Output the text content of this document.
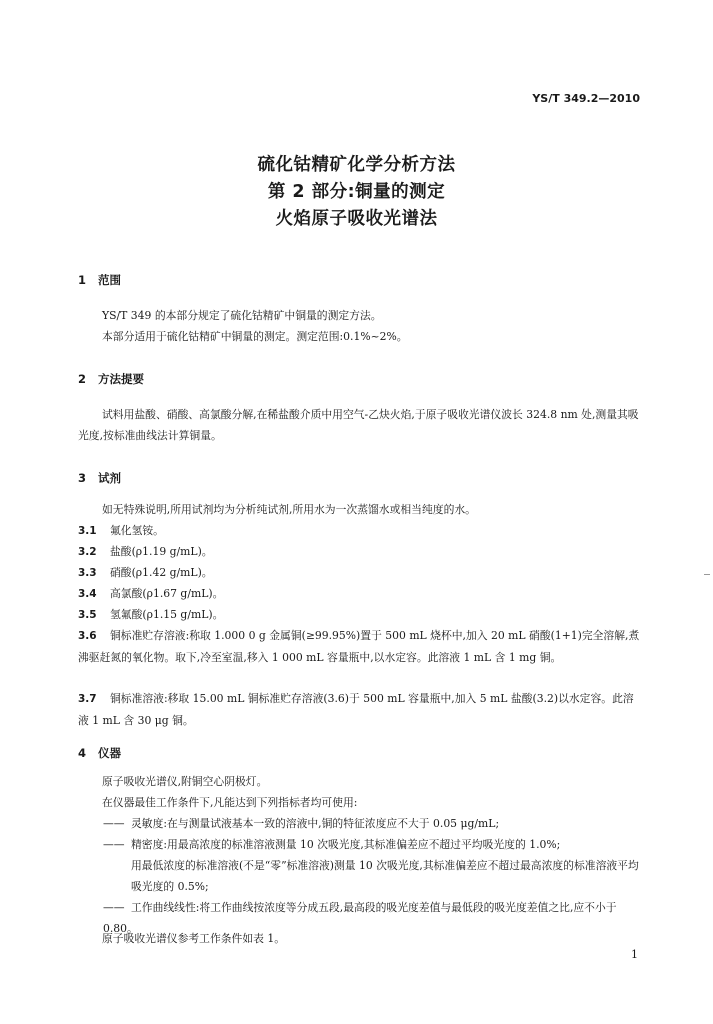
YS/T 349.2—2010
硫化钴精矿化学分析方法
第 2 部分:铜量的测定
火焰原子吸收光谱法
1 范围
YS/T 349 的本部分规定了硫化钴精矿中铜量的测定方法。
本部分适用于硫化钴精矿中铜量的测定。测定范围:0.1%~2%。
2 方法提要
试料用盐酸、硝酸、高氯酸分解,在稀盐酸介质中用空气-乙炔火焰,于原子吸收光谱仪波长 324.8 nm 处,测量其吸光度,按标准曲线法计算铜量。
3 试剂
如无特殊说明,所用试剂均为分析纯试剂,所用水为一次蒸馏水或相当纯度的水。
3.1 氟化氢铵。
3.2 盐酸(ρ1.19 g/mL)。
3.3 硝酸(ρ1.42 g/mL)。
3.4 高氯酸(ρ1.67 g/mL)。
3.5 氢氟酸(ρ1.15 g/mL)。
3.6 铜标准贮存溶液:称取 1.000 0 g 金属铜(≥99.95%)置于 500 mL 烧杯中,加入 20 mL 硝酸(1+1)完全溶解,煮沸驱赶氮的氧化物。取下,冷至室温,移入 1 000 mL 容量瓶中,以水定容。此溶液 1 mL 含 1 mg 铜。
3.7 铜标准溶液:移取 15.00 mL 铜标准贮存溶液(3.6)于 500 mL 容量瓶中,加入 5 mL 盐酸(3.2)以水定容。此溶液 1 mL 含 30 μg 铜。
4 仪器
原子吸收光谱仪,附铜空心阴极灯。
在仪器最佳工作条件下,凡能达到下列指标者均可使用:
—— 灵敏度:在与测量试液基本一致的溶液中,铜的特征浓度应不大于 0.05 μg/mL;
—— 精密度:用最高浓度的标准溶液测量 10 次吸光度,其标准偏差应不超过平均吸光度的 1.0%;
用最低浓度的标准溶液(不是“零”标准溶液)测量 10 次吸光度,其标准偏差应不超过最高浓度的标准溶液平均吸光度的 0.5%;
—— 工作曲线线性:将工作曲线按浓度等分成五段,最高段的吸光度差值与最低段的吸光度差值之比,应不小于 0.80。
原子吸收光谱仪参考工作条件如表 1。
1
